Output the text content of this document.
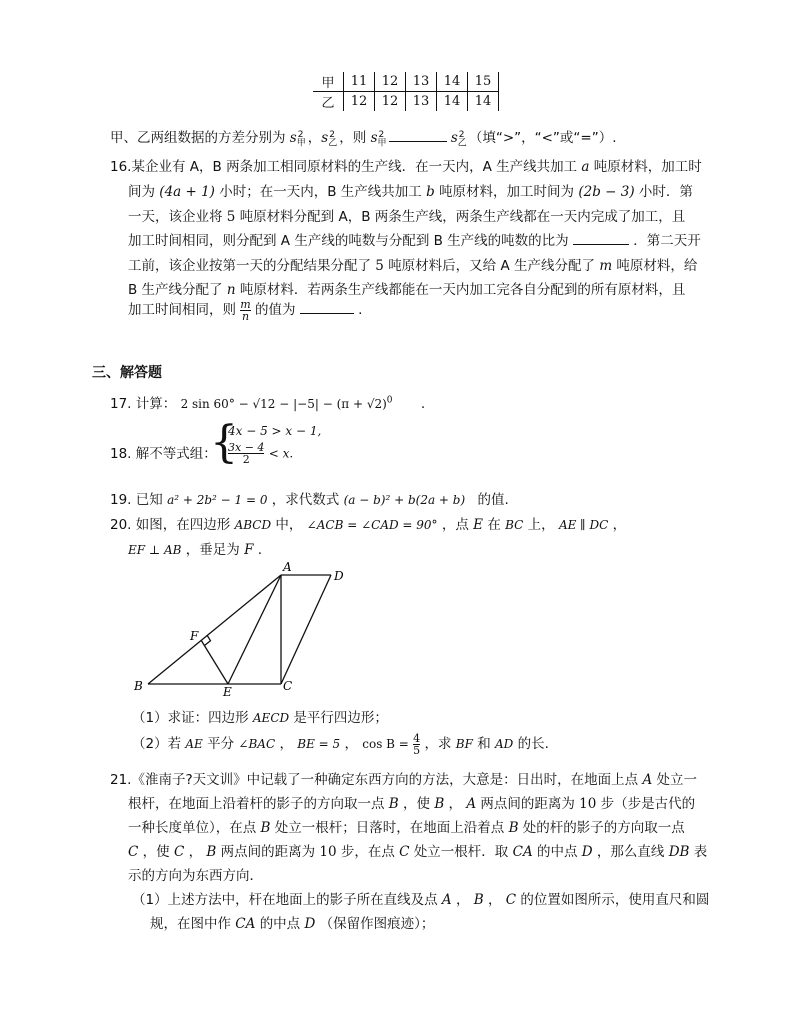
甲	11	12	13	14	15
乙	12	12	13	14	14
甲、乙两组数据的方差分别为 $s_甲^2$ ，$s_乙^2$ ，则 $s_甲^2$	$s_乙^2$ （填“>”，“<”或“=”）.
16.某企业有 A，B 两条加工相同原材料的生产线．在一天内，A 生产线共加工 a 吨原材料，加工时
间为 (4a + 1) 小时；在一天内，B 生产线共加工 b 吨原材料，加工时间为 (2b − 3) 小时．第
一天，该企业将 5 吨原材料分配到 A，B 两条生产线，两条生产线都在一天内完成了加工，且
加工时间相同，则分配到 A 生产线的吨数与分配到 B 生产线的吨数的比为	．第二天开
工前，该企业按第一天的分配结果分配了 5 吨原材料后，又给 A 生产线分配了 m 吨原材料，给
B 生产线分配了 n 吨原材料．若两条生产线都能在一天内加工完各自分配到的所有原材料，且
加工时间相同，则 $\frac{m}{n}$ 的值为	.
三、解答题
17. 计算： 2 $\sin 60^\circ - √12 - |-5| - (\pi + √2)^0$ .
18. 解不等式组：
{
4x − 5 > x − 1,
$\frac{3x - 4}{2} < x$.
19. 已知 a² + 2b² − 1 = 0 ，求代数式 (a − b)² + b(2a + b) 的值.
20. 如图，在四边形 ABCD 中， ∠ACB = ∠CAD = 90° ，点 E 在 BC 上， AE ∥ DC ，
EF ⊥ AB ，垂足为 F .
A
D
B	E	C
F
（1）求证：四边形 AECD 是平行四边形；
（2）若 AE 平分 ∠BAC ， BE = 5 ， $\cos B = \frac{4}{5}$ ，求 BF 和 AD 的长.
21.《淮南子?天文训》中记载了一种确定东西方向的方法，大意是：日出时，在地面上点 A 处立一
根杆，在地面上沿着杆的影子的方向取一点 B ，使 B ， A 两点间的距离为 10 步（步是古代的
一种长度单位），在点 B 处立一根杆；日落时，在地面上沿着点 B 处的杆的影子的方向取一点
C ，使 C ， B 两点间的距离为 10 步，在点 C 处立一根杆．取 CA 的中点 D ，那么直线 DB 表
示的方向为东西方向．
（1）上述方法中，杆在地面上的影子所在直线及点 A ， B ， C 的位置如图所示，使用直尺和圆
规，在图中作 CA 的中点 D （保留作图痕迹）；
